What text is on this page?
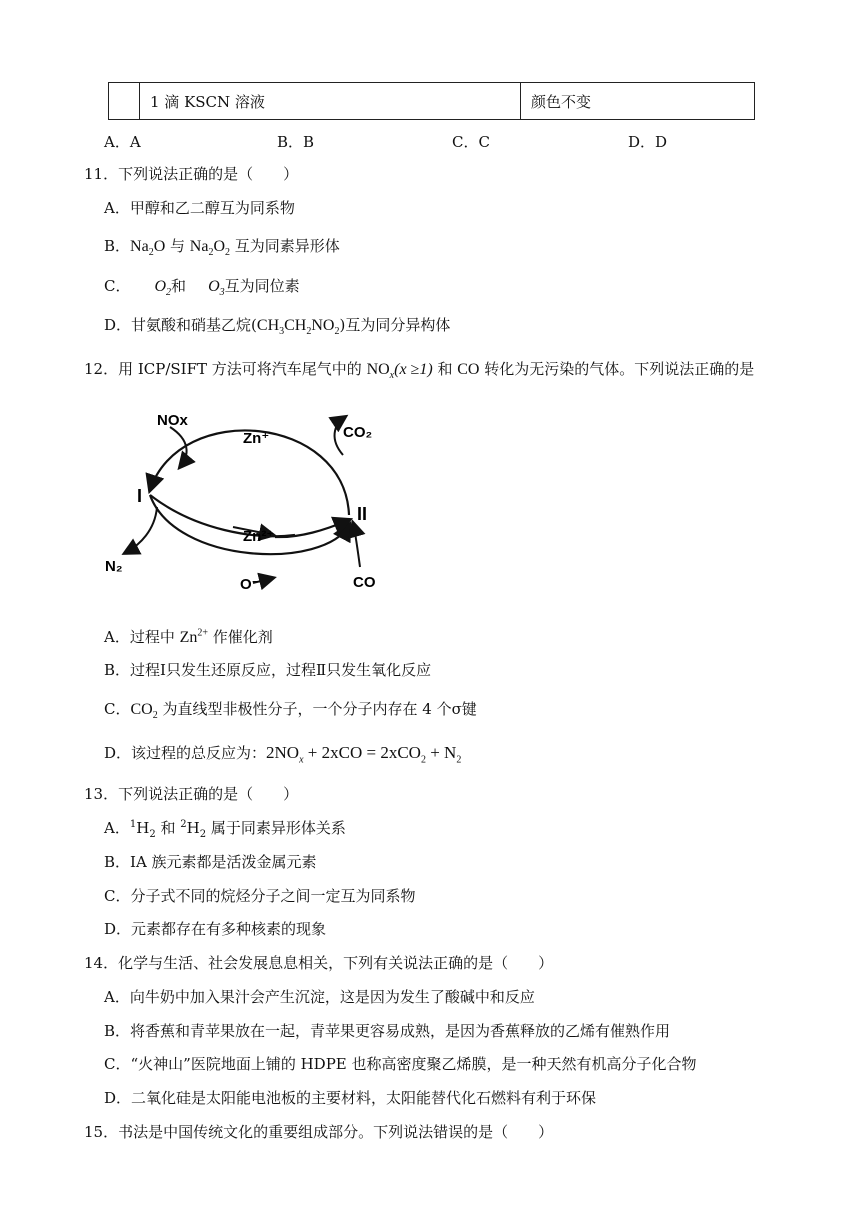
	1 滴 KSCN 溶液	颜色不变
A．A	B．B	C．C	D．D
11．下列说法正确的是（　　）
A．甲醇和乙二醇互为同系物
B．$Na_2O$ 与 $Na_2O_2$ 互为同素异形体
C． $O_2$和 $O_3$互为同位素
D．甘氨酸和硝基乙烷$(CH_3CH_2NO_2)$互为同分异构体
12．用 ICP/SIFT 方法可将汽车尾气中的 $NO_x(x \ge 1)$ 和 CO 转化为无污染的气体。下列说法正确的是
NOx
Zn⁺	CO₂
I
II
Zn²⁺
N₂
O⁻	CO
A．过程中 $Zn^{2+}$ 作催化剂
B．过程Ⅰ只发生还原反应，过程Ⅱ只发生氧化反应
C．$CO_2$ 为直线型非极性分子，一个分子内存在 4 个σ键
D．该过程的总反应为：$2NO_x + 2xCO = 2xCO_2 + N_2$
13．下列说法正确的是（　　）
A．$^1H_2$ 和 $^2H_2$ 属于同素异形体关系
B．IA 族元素都是活泼金属元素
C．分子式不同的烷烃分子之间一定互为同系物
D．元素都存在有多种核素的现象
14．化学与生活、社会发展息息相关，下列有关说法正确的是（　　）
A．向牛奶中加入果汁会产生沉淀，这是因为发生了酸碱中和反应
B．将香蕉和青苹果放在一起，青苹果更容易成熟，是因为香蕉释放的乙烯有催熟作用
C．“火神山”医院地面上铺的 HDPE 也称高密度聚乙烯膜，是一种天然有机高分子化合物
D．二氧化硅是太阳能电池板的主要材料，太阳能替代化石燃料有利于环保
15．书法是中国传统文化的重要组成部分。下列说法错误的是（　　）
